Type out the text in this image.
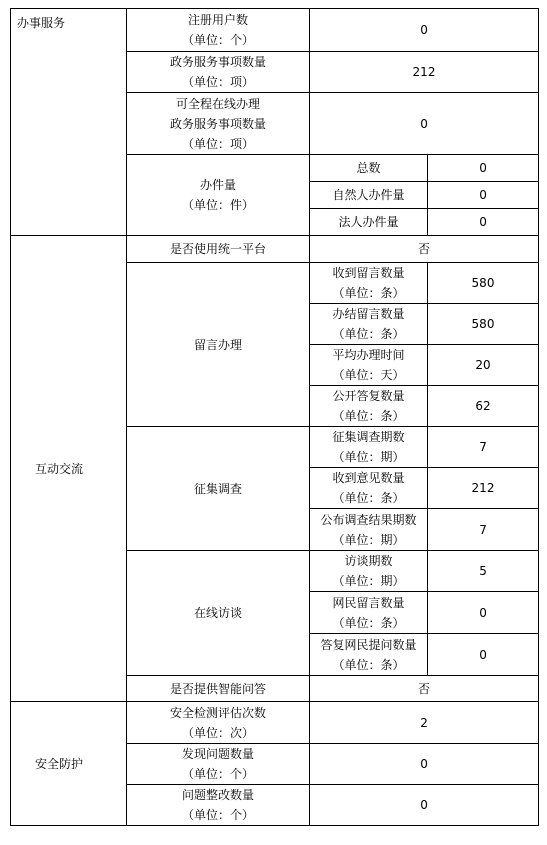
办事服务	注册用户数
（单位：个）	0	

	政务服务事项数量
（单位：项）	212	

	可全程在线办理
政务服务事项数量
（单位：项）	0	

	办件量
（单位：件）	总数	0
		自然人办件量	0
		法人办件量	0
互动交流	是否使用统一平台	否	
	留言办理	收到留言数量
（单位：条）	580

		办结留言数量
（单位：条）	580

		平均办理时间
（单位：天）	20

		公开答复数量
（单位：条）	62
	征集调查	征集调查期数
（单位：期）	7

		收到意见数量
（单位：条）	212

		公布调查结果期数
（单位：期）	7
	在线访谈	访谈期数
（单位：期）	5

		网民留言数量
（单位：条）	0

		答复网民提问数量
（单位：条）	0
	是否提供智能问答	否	
安全防护	安全检测评估次数
（单位：次）	2	

	发现问题数量
（单位：个）	0	

	问题整改数量
（单位：个）	0	
